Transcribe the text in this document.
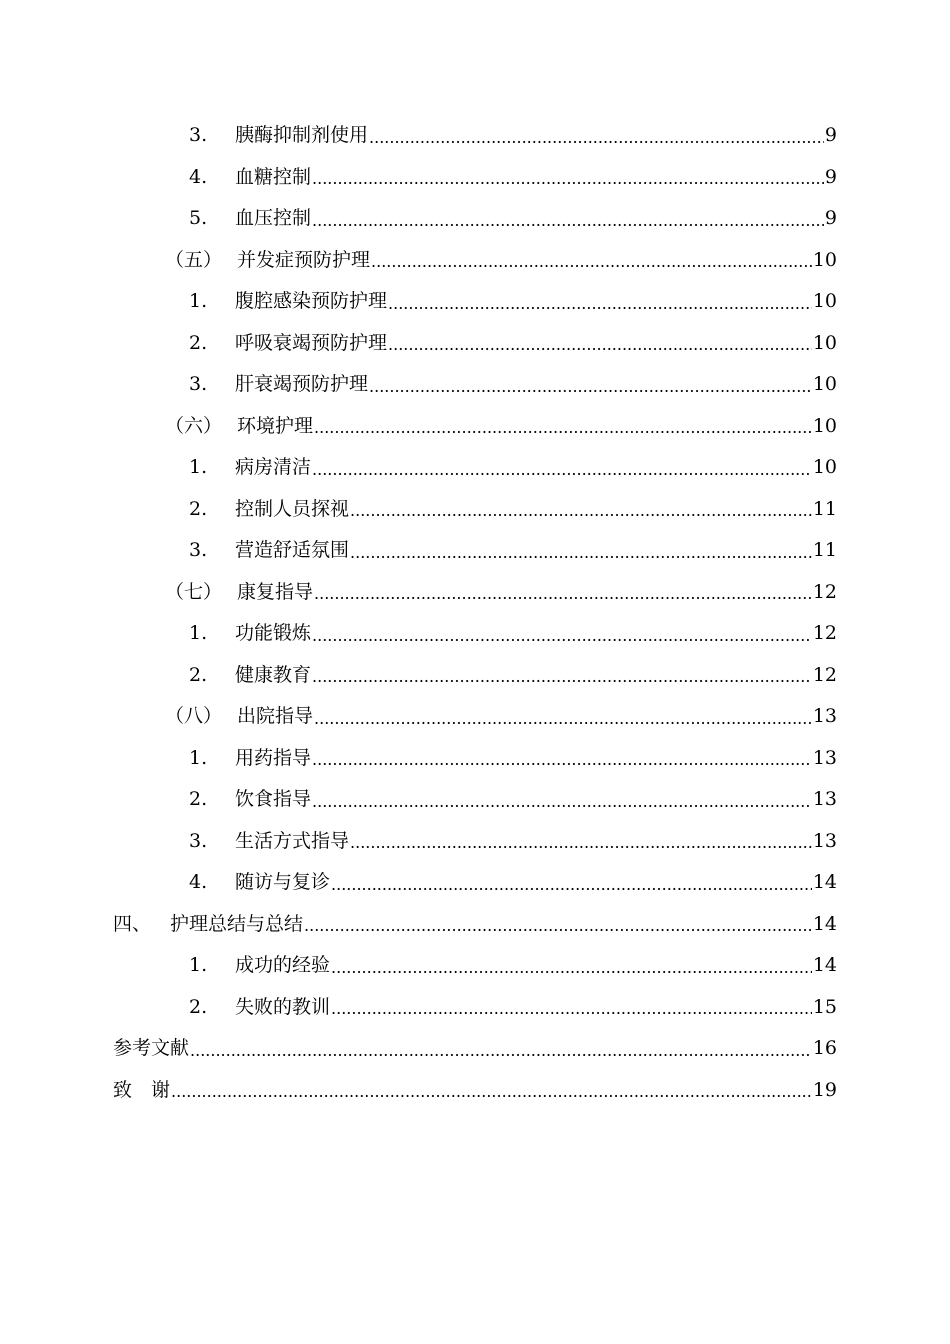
3.	胰酶抑制剂使用 .....	9
4.	血糖控制 .....	9
5.	血压控制 .....	9
（五） 并发症预防护理 .....	10
1.	腹腔感染预防护理 .....	10
2.	呼吸衰竭预防护理 .....	10
3.	肝衰竭预防护理 .....	10
（六） 环境护理 .....	10
1.	病房清洁 .....	10
2.	控制人员探视 .....	11
3.	营造舒适氛围 .....	11
（七） 康复指导 .....	12
1.	功能锻炼 .....	12
2.	健康教育 .....	12
（八） 出院指导 .....	13
1.	用药指导 .....	13
2.	饮食指导 .....	13
3.	生活方式指导 .....	13
4.	随访与复诊 .....	14
四、 护理总结与总结 .....	14
1.	成功的经验 .....	14
2.	失败的教训 .....	15
参考文献 .....	16
致　谢 .....	19
